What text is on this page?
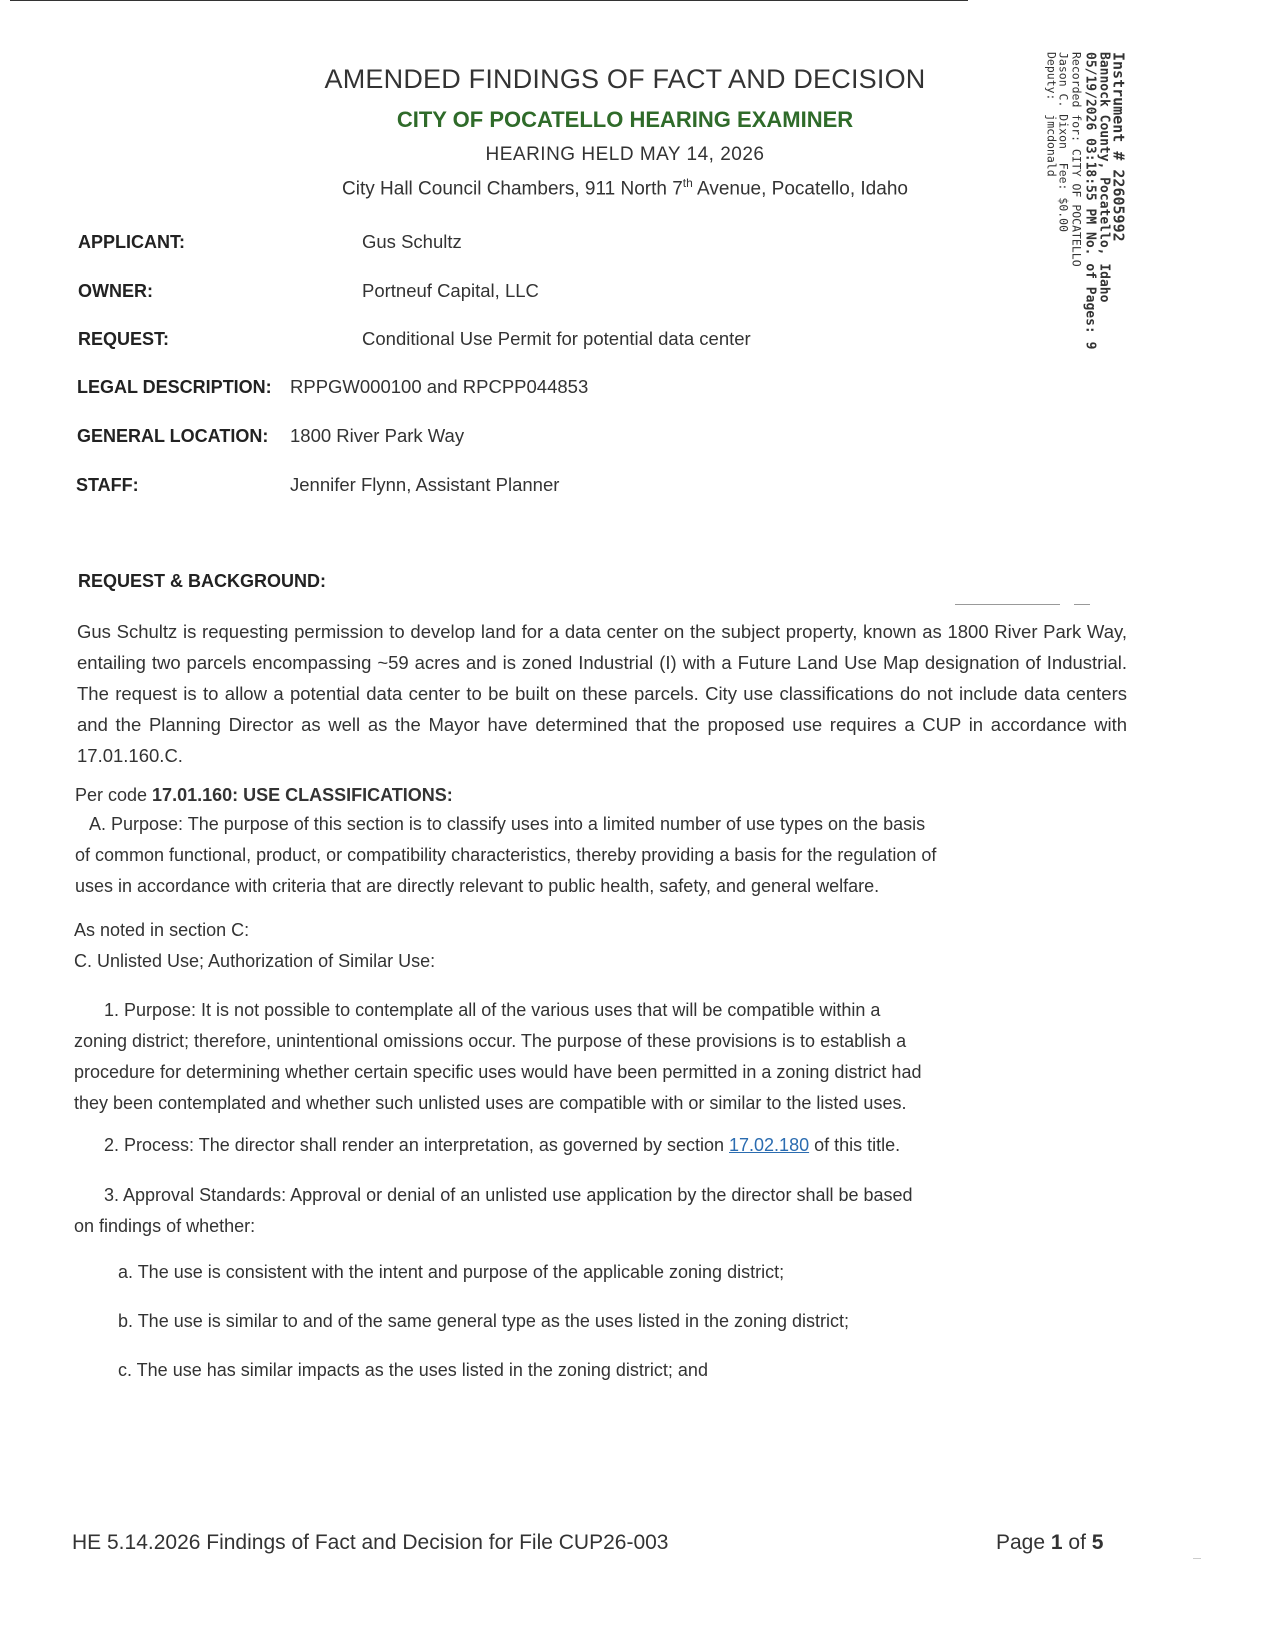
AMENDED FINDINGS OF FACT AND DECISION
CITY OF POCATELLO HEARING EXAMINER
HEARING HELD MAY 14, 2026
City Hall Council Chambers, 911 North 7th Avenue, Pocatello, Idaho	Instrument # 22605992
Bannock County, Pocatello, Idaho
05/19/2026 03:18:55 PM No. of Pages: 9
Recorded for: CITY OF POCATELLO
Jason C. Dixon  Fee: $0.00
Deputy:  jmcdonald
APPLICANT:	Gus Schultz
OWNER:	Portneuf Capital, LLC
REQUEST:	Conditional Use Permit for potential data center
LEGAL DESCRIPTION: RPPGW000100 and RPCPP044853
GENERAL LOCATION: 1800 River Park Way
STAFF:	Jennifer Flynn, Assistant Planner
REQUEST & BACKGROUND:
Gus Schultz is requesting permission to develop land for a data center on the subject property, known as 1800 River Park Way, entailing two parcels encompassing ~59 acres and is zoned Industrial (I) with a Future Land Use Map designation of Industrial. The request is to allow a potential data center to be built on these parcels. City use classifications do not include data centers and the Planning Director as well as the Mayor have determined that the proposed use requires a CUP in accordance with 17.01.160.C.
Per code 17.01.160: USE CLASSIFICATIONS:
A. Purpose: The purpose of this section is to classify uses into a limited number of use types on the basis
of common functional, product, or compatibility characteristics, thereby providing a basis for the regulation of
uses in accordance with criteria that are directly relevant to public health, safety, and general welfare.
As noted in section C:
C. Unlisted Use; Authorization of Similar Use:
1. Purpose: It is not possible to contemplate all of the various uses that will be compatible within a
zoning district; therefore, unintentional omissions occur. The purpose of these provisions is to establish a
procedure for determining whether certain specific uses would have been permitted in a zoning district had
they been contemplated and whether such unlisted uses are compatible with or similar to the listed uses.
2. Process: The director shall render an interpretation, as governed by section 17.02.180 of this title.
3. Approval Standards: Approval or denial of an unlisted use application by the director shall be based
on findings of whether:
a. The use is consistent with the intent and purpose of the applicable zoning district;
b. The use is similar to and of the same general type as the uses listed in the zoning district;
c. The use has similar impacts as the uses listed in the zoning district; and
HE 5.14.2026 Findings of Fact and Decision for File CUP26-003	Page 1 of 5
